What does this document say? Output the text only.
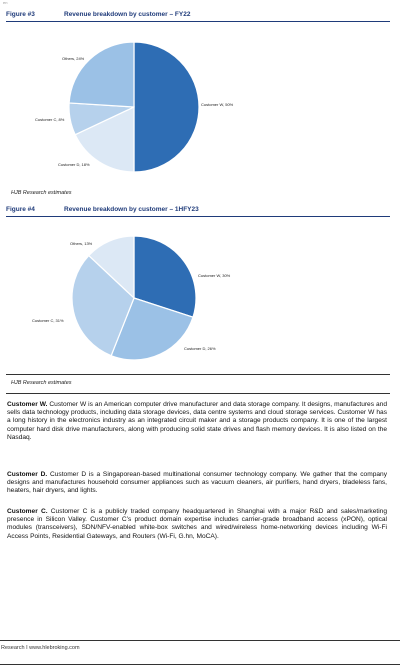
en
Figure #3	Revenue breakdown by customer – FY22
Customer W, 50%
Customer D, 18%
Customer C, 8%
Others, 24%
HJB Research estimates
Figure #4	Revenue breakdown by customer – 1HFY23
Customer W, 30%
Customer D, 26%
Customer C, 31%
Others, 13%
HJB Research estimates

Customer W. Customer W is an American computer drive manufacturer and data storage company. It designs, manufactures and sells data technology products, including data storage devices, data centre systems and cloud storage services. Customer W has a long history in the electronics industry as an integrated circuit maker and a storage products company. It is one of the largest computer hard disk drive manufacturers, along with producing solid state drives and flash memory devices. It is also listed on the Nasdaq.

Customer D. Customer D is a Singaporean-based multinational consumer technology company. We gather that the company designs and manufactures household consumer appliances such as vacuum cleaners, air purifiers, hand dryers, bladeless fans, heaters, hair dryers, and lights.

Customer C. Customer C is a publicly traded company headquartered in Shanghai with a major R&D and sales/marketing presence in Silicon Valley. Customer C’s product domain expertise includes carrier-grade broadband access (xPON), optical modules (transceivers), SDN/NFV-enabled white-box switches and wired/wireless home-networking devices including Wi-Fi Access Points, Residential Gateways, and Routers (Wi-Fi, G.hn, MoCA).

Research I www.hlebroking.com
